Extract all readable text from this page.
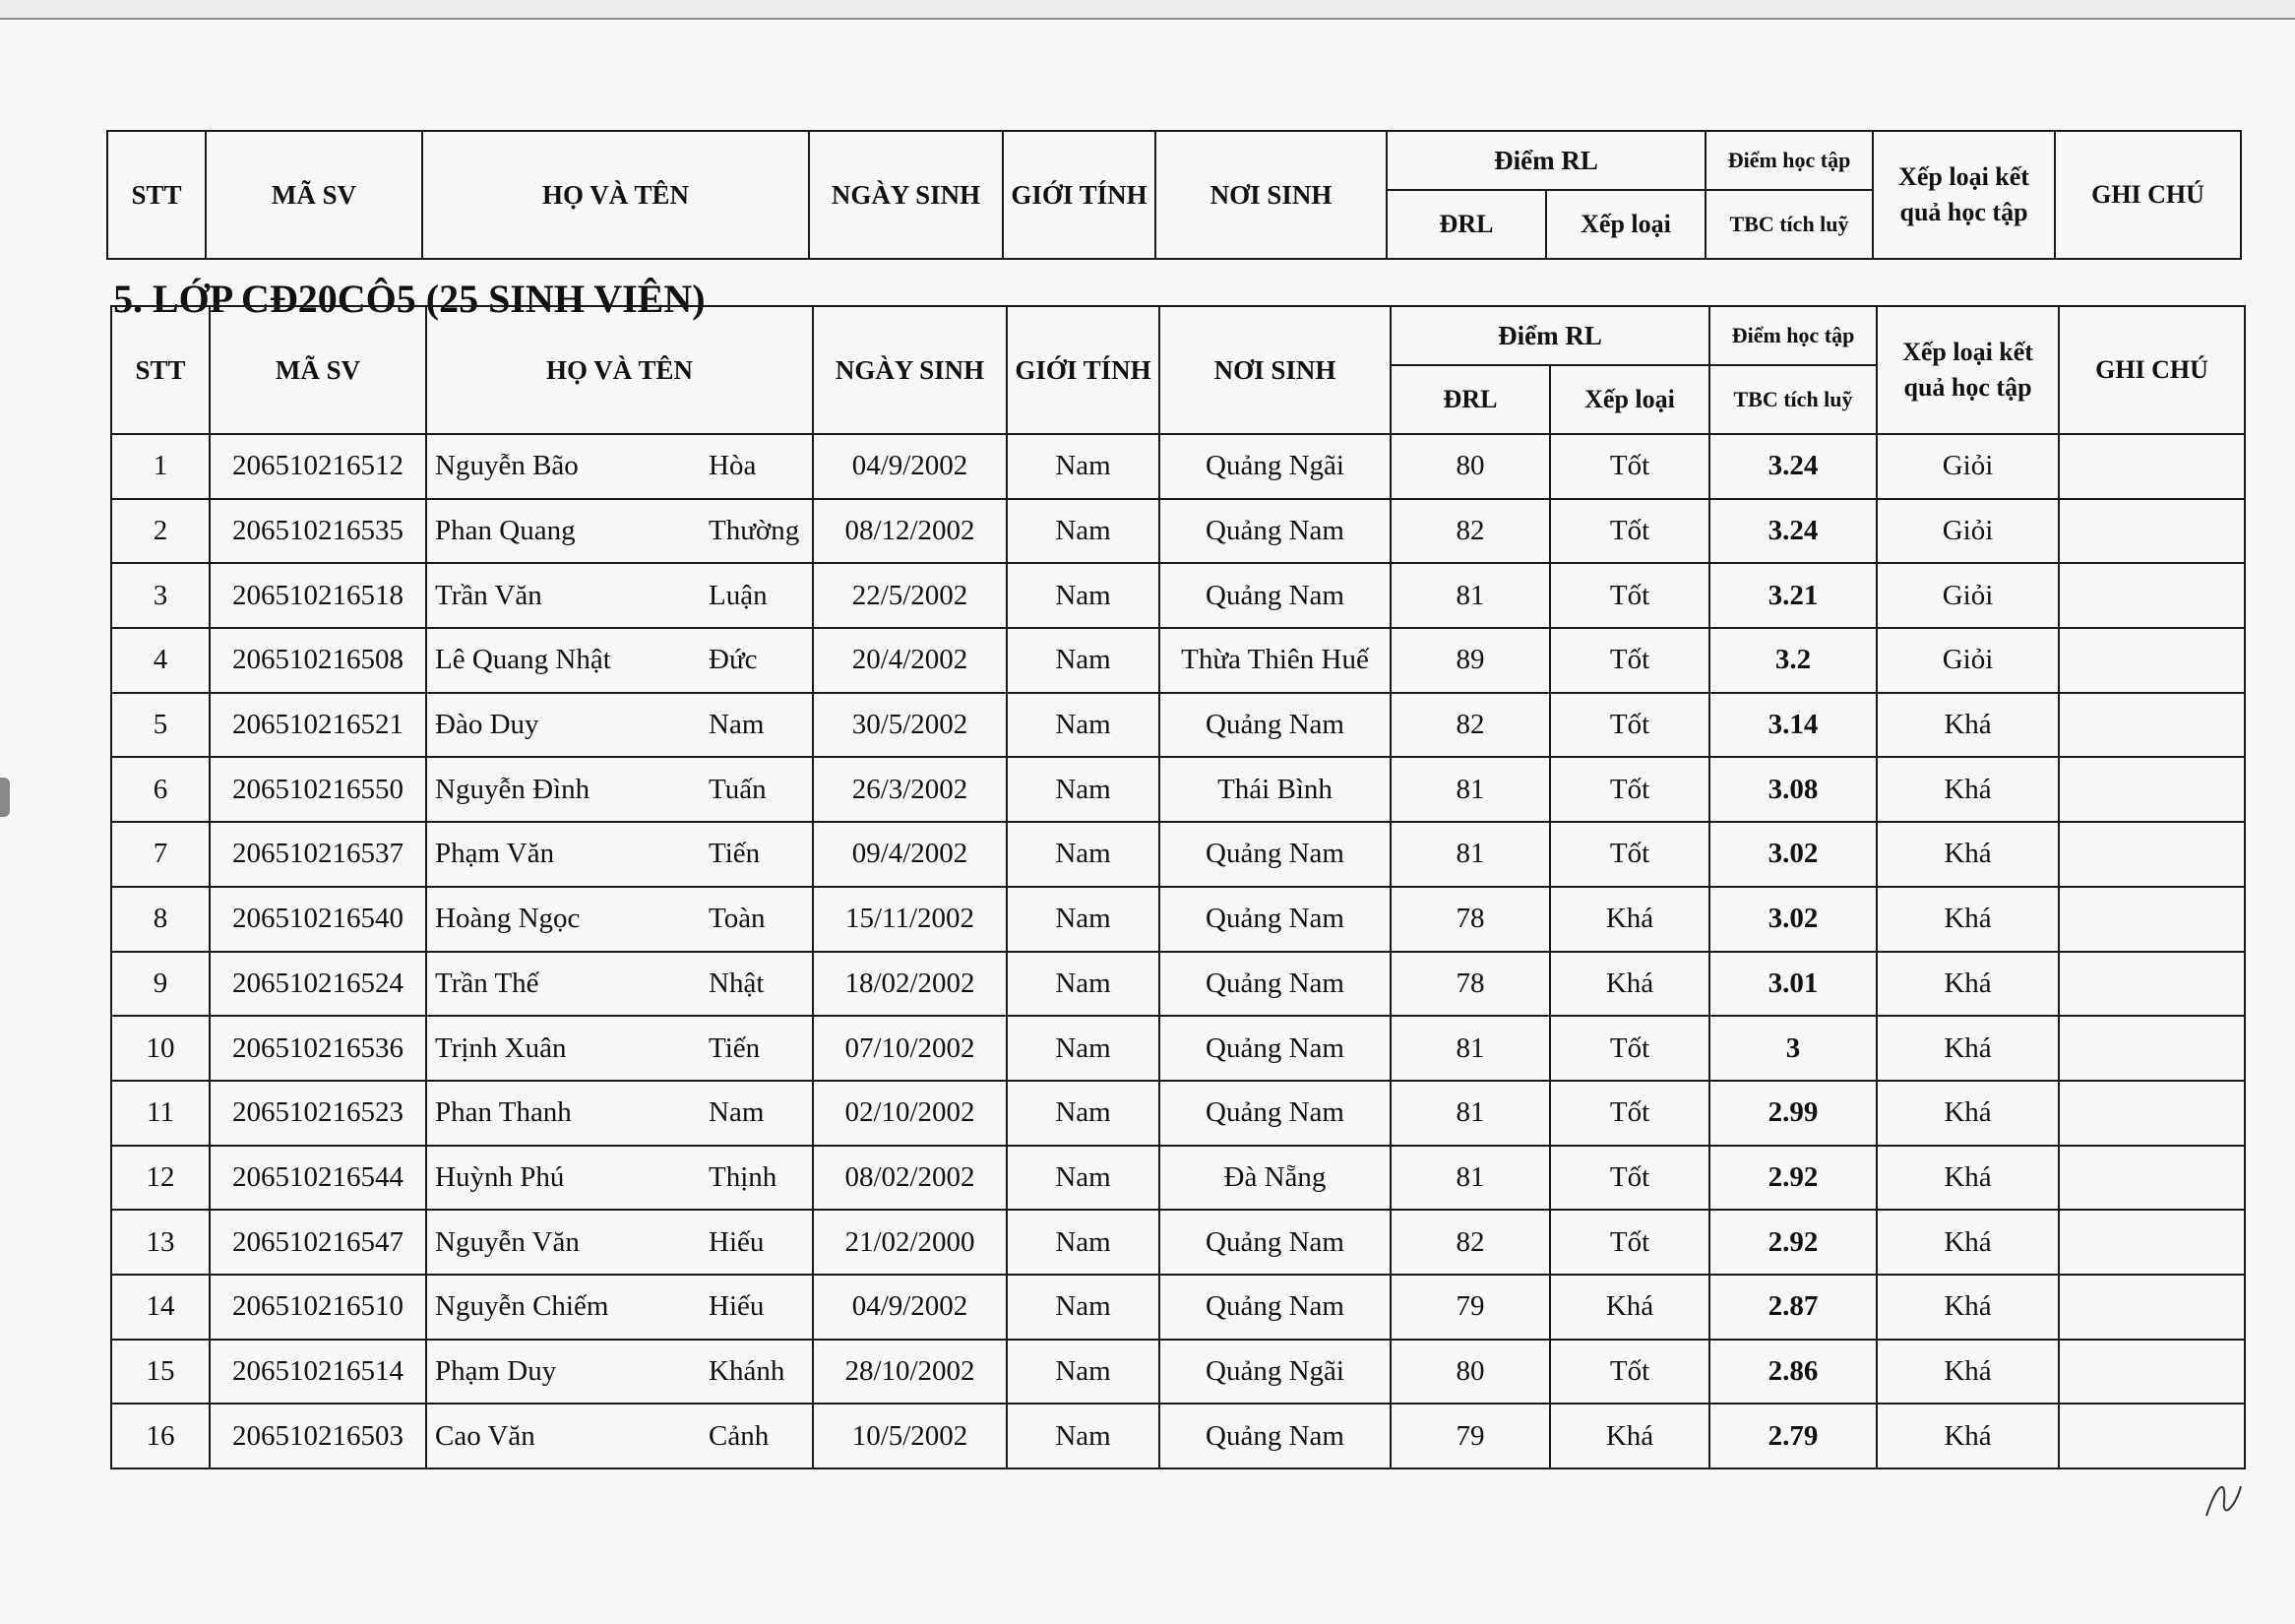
STT	MÃ SV	HỌ VÀ TÊN	NGÀY SINH	GIỚI TÍNH	NƠI SINH	Điểm RL		Điểm học tập	Xếp loại kết
quả học tập	GHI CHÚ
						ĐRL	Xếp loại	TBC tích luỹ		
5. LỚP CĐ20CÔ5 (25 SINH VIÊN)
STT	MÃ SV	HỌ VÀ TÊN	NGÀY SINH	GIỚI TÍNH	NƠI SINH	Điểm RL		Điểm học tập	Xếp loại kết
quả học tập	GHI CHÚ
						ĐRL	Xếp loại	TBC tích luỹ		
1	206510216512	Nguyễn Bão Hòa	04/9/2002	Nam	Quảng Ngãi	80	Tốt	3.24	Giỏi	
2	206510216535	Phan Quang Thường	08/12/2002	Nam	Quảng Nam	82	Tốt	3.24	Giỏi	
3	206510216518	Trần Văn Luận	22/5/2002	Nam	Quảng Nam	81	Tốt	3.21	Giỏi	
4	206510216508	Lê Quang Nhật Đức	20/4/2002	Nam	Thừa Thiên Huế	89	Tốt	3.2	Giỏi	
5	206510216521	Đào Duy Nam	30/5/2002	Nam	Quảng Nam	82	Tốt	3.14	Khá	
6	206510216550	Nguyễn Đình Tuấn	26/3/2002	Nam	Thái Bình	81	Tốt	3.08	Khá	
7	206510216537	Phạm Văn Tiến	09/4/2002	Nam	Quảng Nam	81	Tốt	3.02	Khá	
8	206510216540	Hoàng Ngọc Toàn	15/11/2002	Nam	Quảng Nam	78	Khá	3.02	Khá	
9	206510216524	Trần Thế Nhật	18/02/2002	Nam	Quảng Nam	78	Khá	3.01	Khá	
10	206510216536	Trịnh Xuân Tiến	07/10/2002	Nam	Quảng Nam	81	Tốt	3	Khá	
11	206510216523	Phan Thanh Nam	02/10/2002	Nam	Quảng Nam	81	Tốt	2.99	Khá	
12	206510216544	Huỳnh Phú Thịnh	08/02/2002	Nam	Đà Nẵng	81	Tốt	2.92	Khá	
13	206510216547	Nguyễn Văn Hiếu	21/02/2000	Nam	Quảng Nam	82	Tốt	2.92	Khá	
14	206510216510	Nguyễn Chiếm Hiếu	04/9/2002	Nam	Quảng Nam	79	Khá	2.87	Khá	
15	206510216514	Phạm Duy Khánh	28/10/2002	Nam	Quảng Ngãi	80	Tốt	2.86	Khá	
16	206510216503	Cao Văn Cảnh	10/5/2002	Nam	Quảng Nam	79	Khá	2.79	Khá	
